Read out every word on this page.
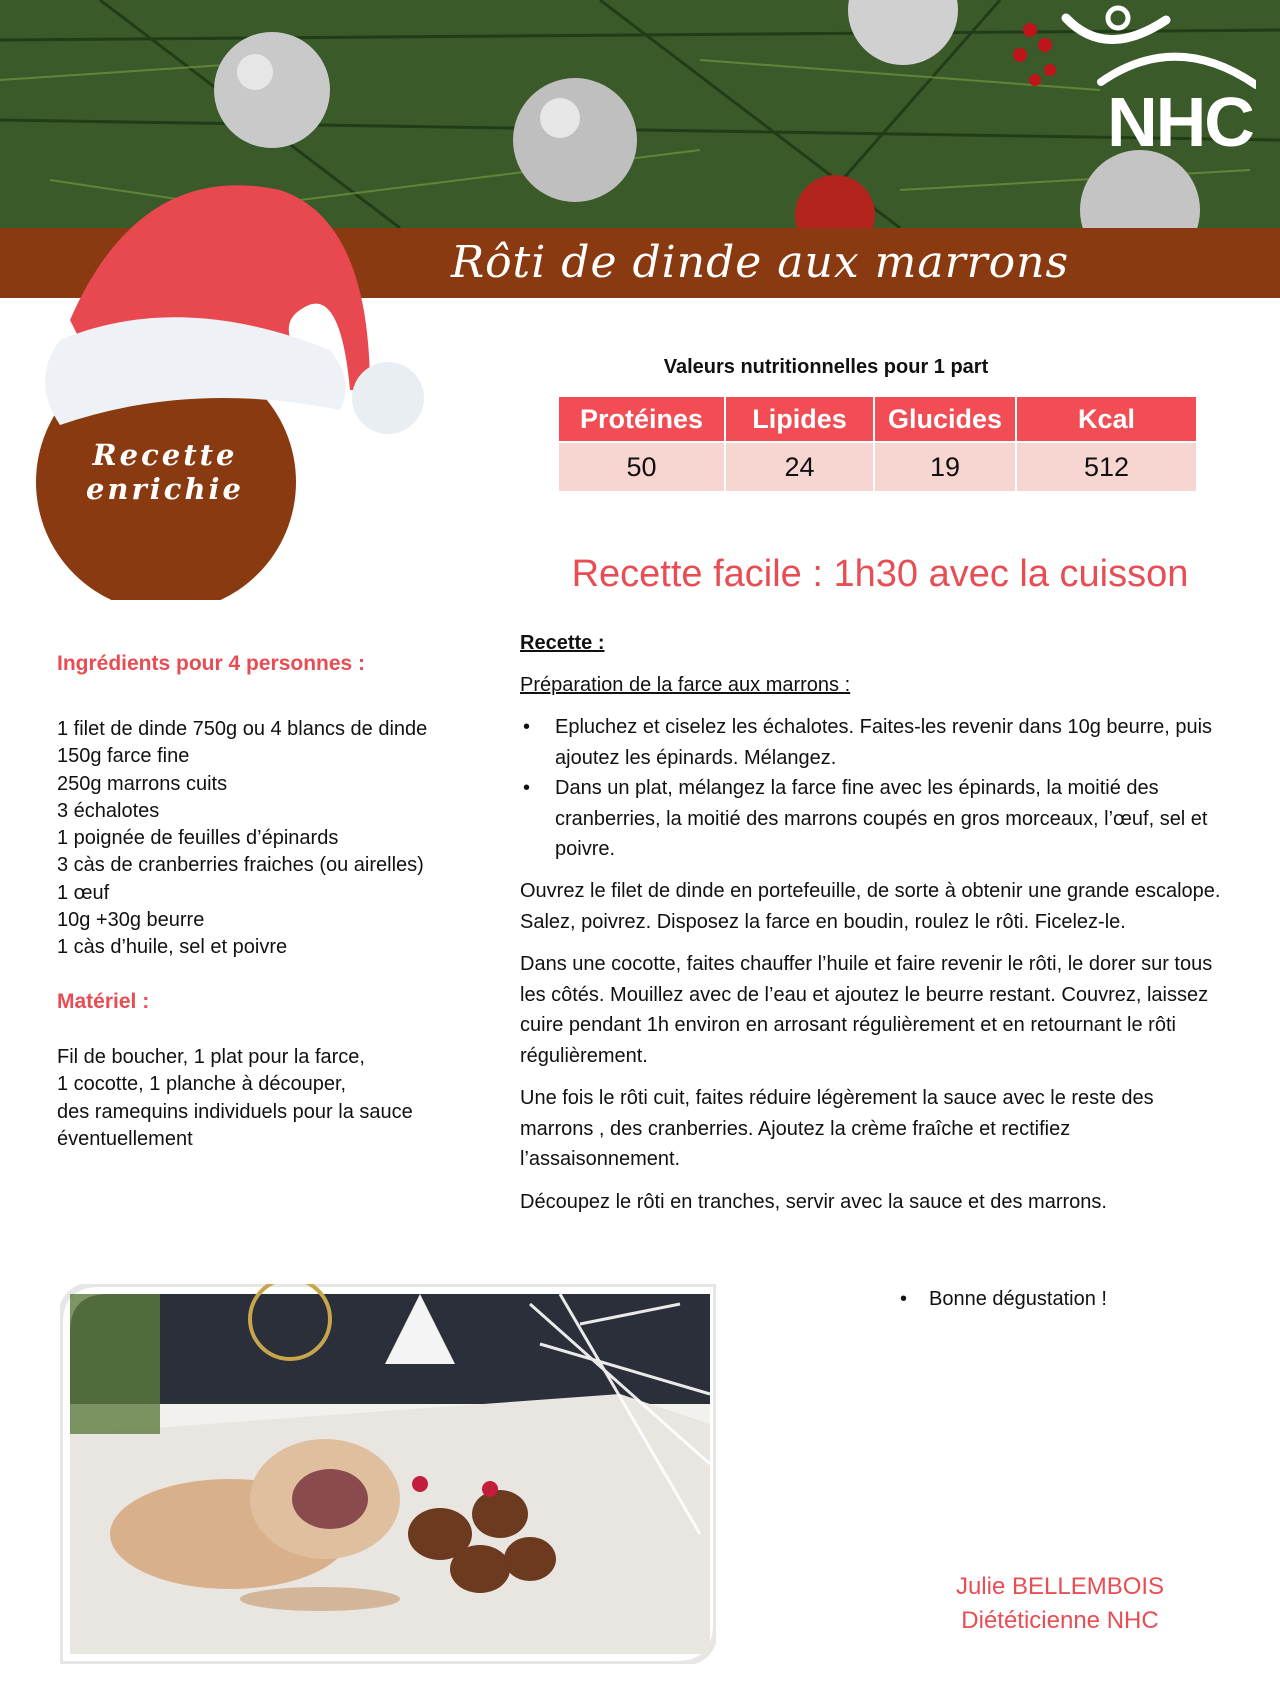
NHC
Rôti de dinde aux marrons
Recette
enrichie
Valeurs nutritionnelles pour 1 part
Protéines	Lipides	Glucides	Kcal
50	24	19	512
Recette facile : 1h30 avec la cuisson
Ingrédients pour 4 personnes :
1 filet de dinde 750g ou 4 blancs de dinde
150g farce fine
250g marrons cuits
3 échalotes
1 poignée de feuilles d’épinards
3 càs de cranberries fraiches (ou airelles)
1 œuf
10g +30g beurre
1 càs d’huile, sel et poivre
Matériel :
Fil de boucher, 1 plat pour la farce,
1 cocotte, 1 planche à découper,
des ramequins individuels pour la sauce
éventuellement
Recette :
Préparation de la farce aux marrons :
• Epluchez et ciselez les échalotes. Faites-les revenir dans 10g beurre, puis ajoutez les épinards. Mélangez.
• Dans un plat, mélangez la farce fine avec les épinards, la moitié des cranberries, la moitié des marrons coupés en gros morceaux, l’œuf, sel et poivre.

Ouvrez le filet de dinde en portefeuille, de sorte à obtenir une grande escalope. Salez, poivrez. Disposez la farce en boudin, roulez le rôti. Ficelez-le.

Dans une cocotte, faites chauffer l’huile et faire revenir le rôti, le dorer sur tous les côtés. Mouillez avec de l’eau et ajoutez le beurre restant. Couvrez, laissez cuire pendant 1h environ en arrosant régulièrement et en retournant le rôti régulièrement.

Une fois le rôti cuit, faites réduire légèrement la sauce avec le reste des marrons , des cranberries. Ajoutez la crème fraîche et rectifiez l’assaisonnement.

Découpez le rôti en tranches, servir avec la sauce et des marrons.

• Bonne dégustation !
Julie BELLEMBOIS
Diététicienne NHC
